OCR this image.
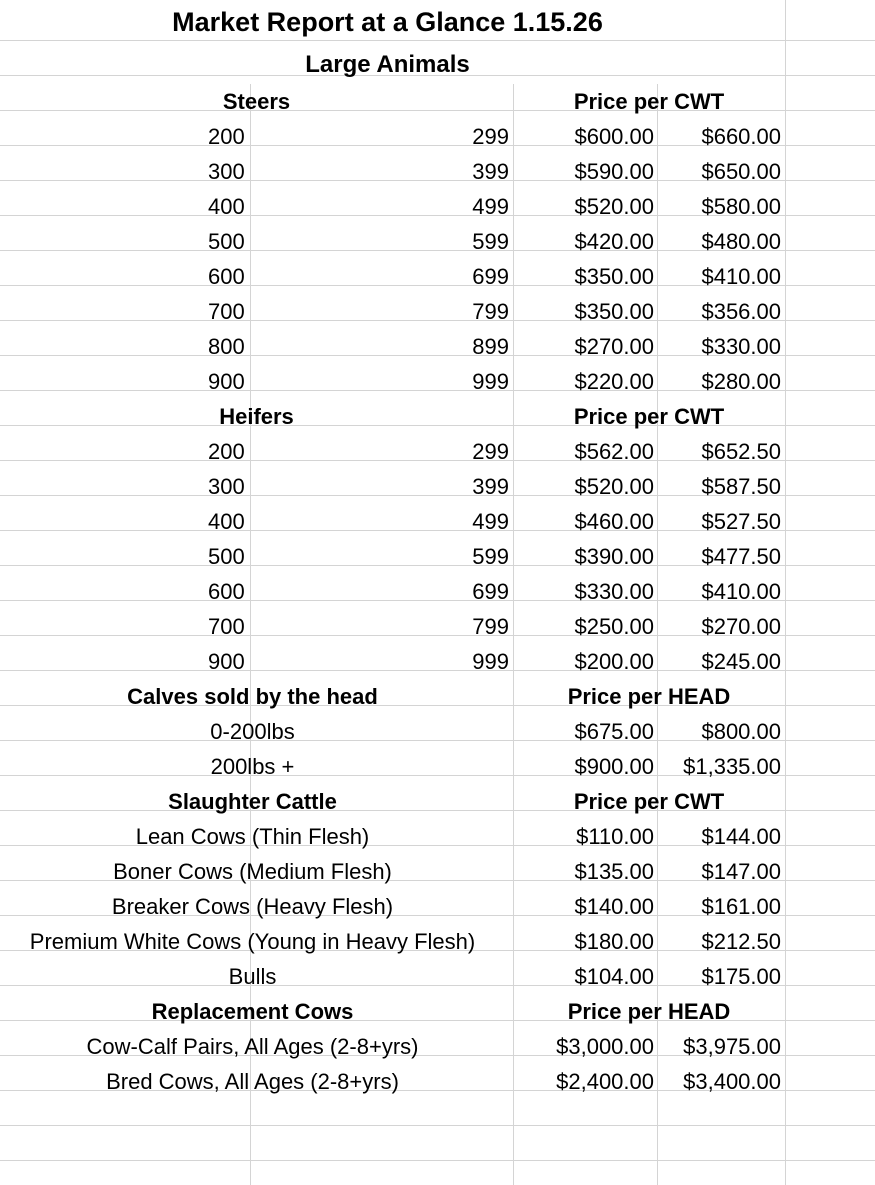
Market Report at a Glance 1.15.26
Large Animals
Steers	Price per CWT
200	299	$600.00	$660.00
300	399	$590.00	$650.00
400	499	$520.00	$580.00
500	599	$420.00	$480.00
600	699	$350.00	$410.00
700	799	$350.00	$356.00
800	899	$270.00	$330.00
900	999	$220.00	$280.00
Heifers	Price per CWT
200	299	$562.00	$652.50
300	399	$520.00	$587.50
400	499	$460.00	$527.50
500	599	$390.00	$477.50
600	699	$330.00	$410.00
700	799	$250.00	$270.00
900	999	$200.00	$245.00
Calves sold by the head	Price per HEAD
0-200lbs	$675.00	$800.00
200lbs +	$900.00	$1,335.00
Slaughter Cattle	Price per CWT
Lean Cows (Thin Flesh)	$110.00	$144.00
Boner Cows (Medium Flesh)	$135.00	$147.00
Breaker Cows (Heavy Flesh)	$140.00	$161.00
Premium White Cows (Young in Heavy Flesh)	$180.00	$212.50
Bulls	$104.00	$175.00
Replacement Cows	Price per HEAD
Cow-Calf Pairs, All Ages (2-8+yrs)	$3,000.00	$3,975.00
Bred Cows, All Ages (2-8+yrs)	$2,400.00	$3,400.00
